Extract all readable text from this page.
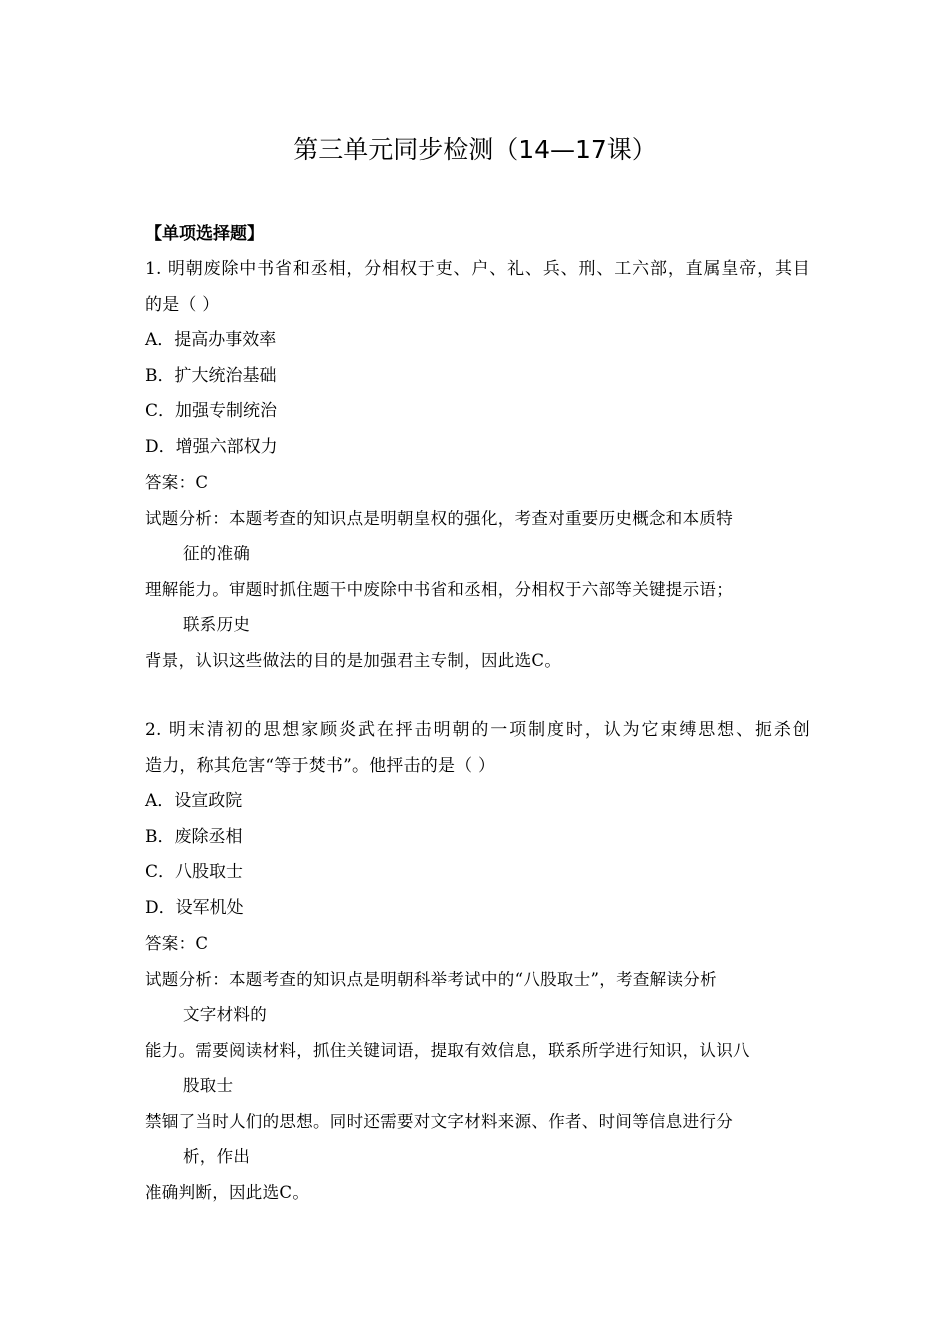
第三单元同步检测（14—17课）
【单项选择题】
1. 明朝废除中书省和丞相，分相权于吏、户、礼、兵、刑、工六部，直属皇帝，其目
的是（ ）
A．提高办事效率
B．扩大统治基础
C．加强专制统治
D．增强六部权力
答案：C
试题分析：本题考查的知识点是明朝皇权的强化，考查对重要历史概念和本质特
征的准确
理解能力。审题时抓住题干中废除中书省和丞相，分相权于六部等关键提示语；
联系历史
背景，认识这些做法的目的是加强君主专制，因此选C。
2. 明末清初的思想家顾炎武在抨击明朝的一项制度时，认为它束缚思想、扼杀创
造力，称其危害“等于焚书”。他抨击的是（ ）
A．设宣政院
B．废除丞相
C．八股取士
D．设军机处
答案：C
试题分析：本题考查的知识点是明朝科举考试中的“八股取士”，考查解读分析
文字材料的
能力。需要阅读材料，抓住关键词语，提取有效信息，联系所学进行知识，认识八
股取士
禁锢了当时人们的思想。同时还需要对文字材料来源、作者、时间等信息进行分
析，作出
准确判断，因此选C。
